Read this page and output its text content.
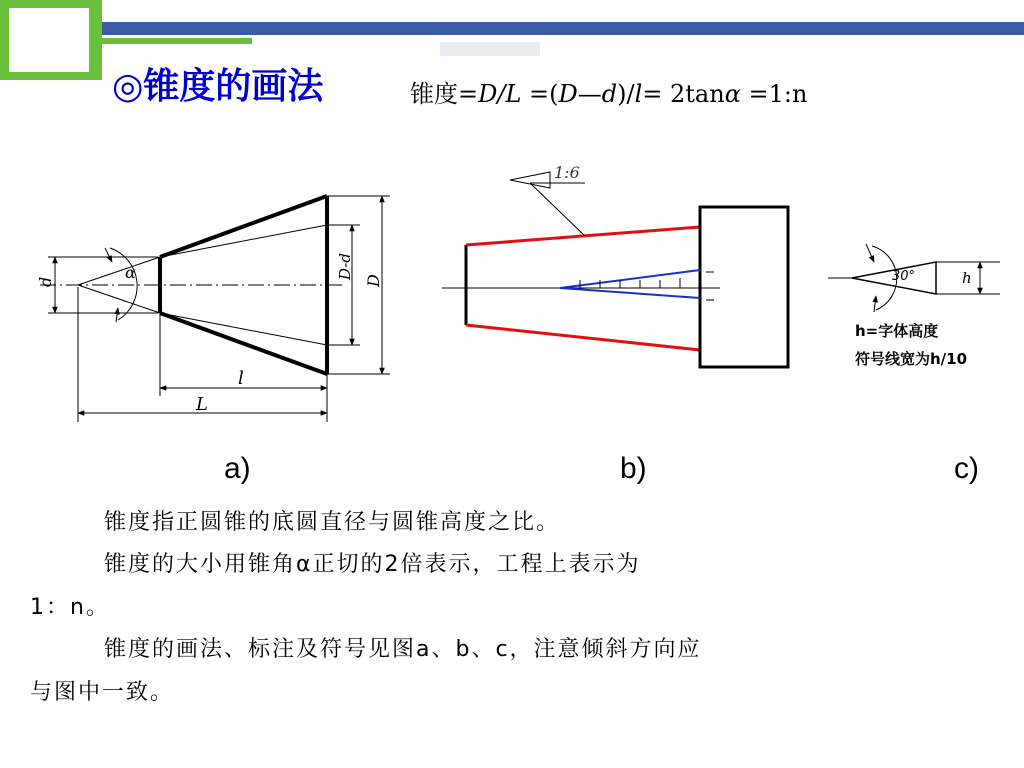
◎锥度的画法	锥度=D/L =(D—d)/l= 2tanα =1:n
d	α	D-d
D
l
L
1:6
30°	h
h=字体高度
符号线宽为h/10
a)	b)	c)
锥度指正圆锥的底圆直径与圆锥高度之比。
锥度的大小用锥角α正切的2倍表示，工程上表示为
1：n。
锥度的画法、标注及符号见图a、b、c，注意倾斜方向应
与图中一致。
